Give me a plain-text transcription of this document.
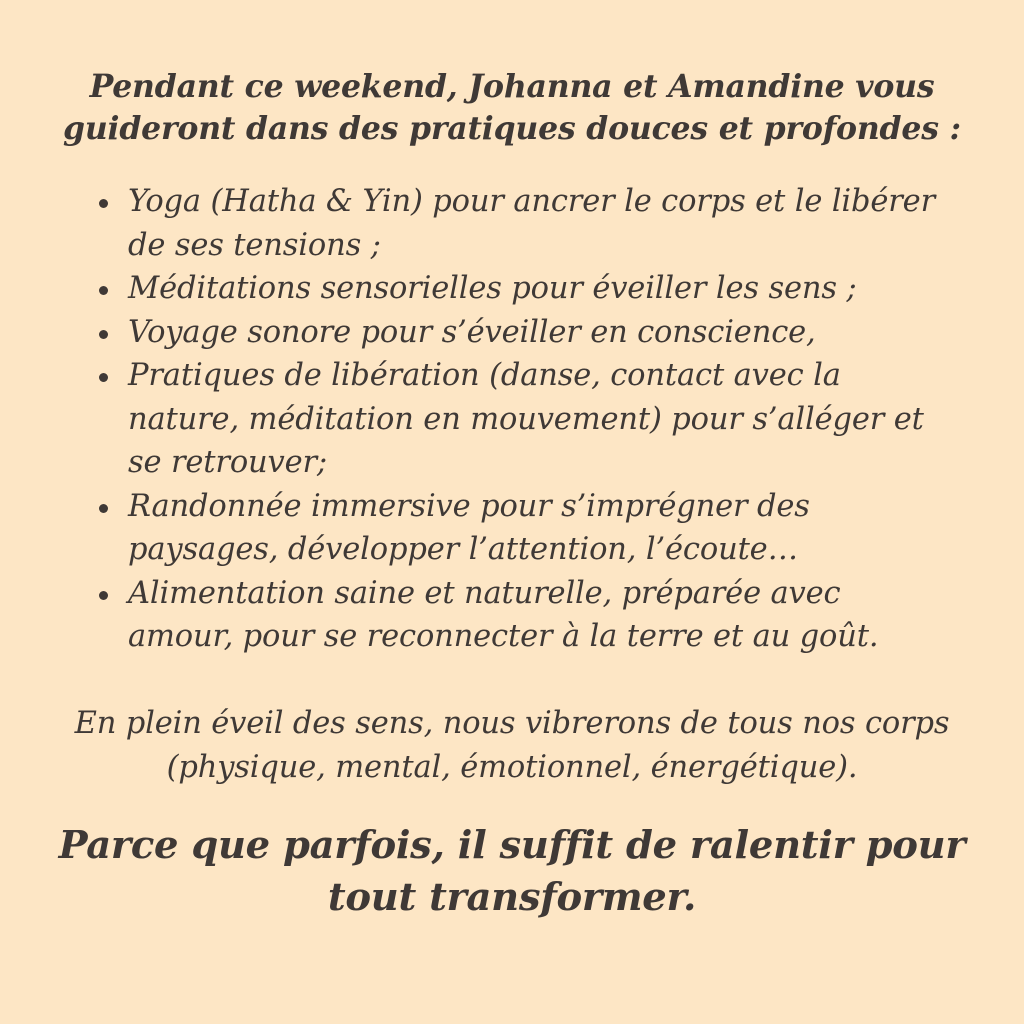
Pendant ce weekend, Johanna et Amandine vous
guideront dans des pratiques douces et profondes :
Yoga (Hatha & Yin) pour ancrer le corps et le libérer
de ses tensions ;
Méditations sensorielles pour éveiller les sens ;
Voyage sonore pour s’éveiller en conscience,
Pratiques de libération (danse, contact avec la
nature, méditation en mouvement) pour s’alléger et
se retrouver;
Randonnée immersive pour s’imprégner des
paysages, développer l’attention, l’écoute…
Alimentation saine et naturelle, préparée avec
amour, pour se reconnecter à la terre et au goût.

En plein éveil des sens, nous vibrerons de tous nos corps
(physique, mental, émotionnel, énergétique).

Parce que parfois, il suffit de ralentir pour
tout transformer.
